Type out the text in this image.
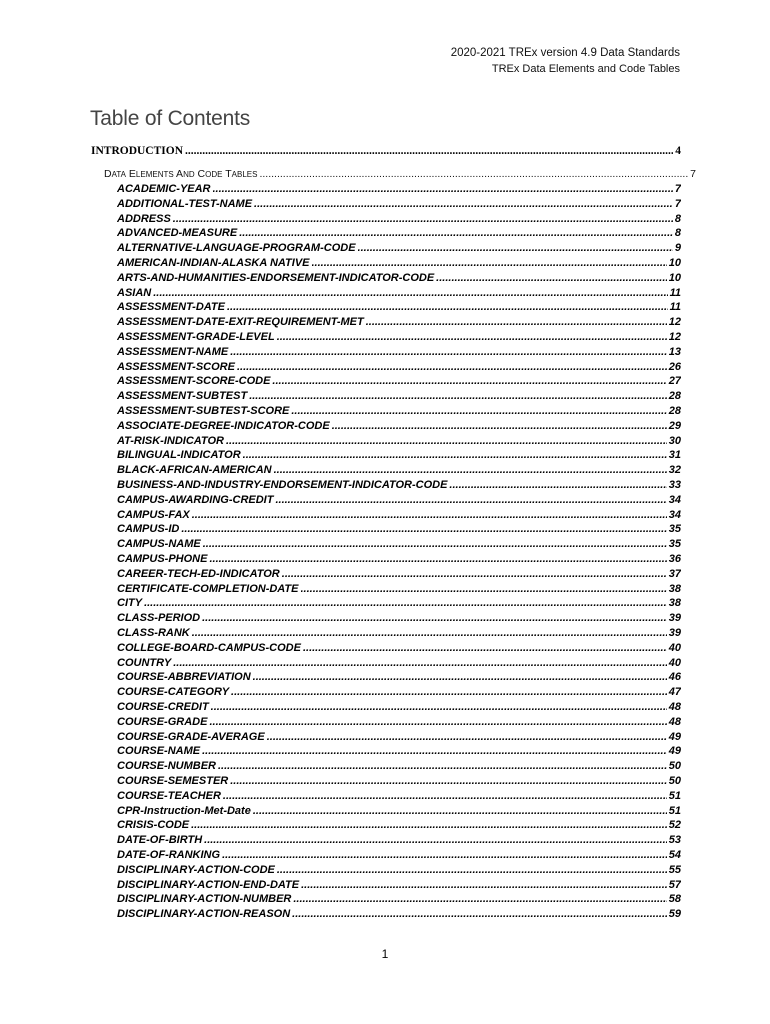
2020-2021 TREx version 4.9 Data Standards
TREx Data Elements and Code Tables
Table of Contents
INTRODUCTION .....	4
DATA ELEMENTS AND CODE TABLES .....	7
ACADEMIC-YEAR .....	7
ADDITIONAL-TEST-NAME .....	7
ADDRESS .....	8
ADVANCED-MEASURE .....	8
ALTERNATIVE-LANGUAGE-PROGRAM-CODE .....	9
AMERICAN-INDIAN-ALASKA NATIVE .....	10
ARTS-AND-HUMANITIES-ENDORSEMENT-INDICATOR-CODE .....	10
ASIAN .....	11
ASSESSMENT-DATE .....	11
ASSESSMENT-DATE-EXIT-REQUIREMENT-MET .....	12
ASSESSMENT-GRADE-LEVEL .....	12
ASSESSMENT-NAME .....	13
ASSESSMENT-SCORE .....	26
ASSESSMENT-SCORE-CODE .....	27
ASSESSMENT-SUBTEST .....	28
ASSESSMENT-SUBTEST-SCORE .....	28
ASSOCIATE-DEGREE-INDICATOR-CODE .....	29
AT-RISK-INDICATOR .....	30
BILINGUAL-INDICATOR .....	31
BLACK-AFRICAN-AMERICAN .....	32
BUSINESS-AND-INDUSTRY-ENDORSEMENT-INDICATOR-CODE .....	33
CAMPUS-AWARDING-CREDIT .....	34
CAMPUS-FAX .....	34
CAMPUS-ID .....	35
CAMPUS-NAME .....	35
CAMPUS-PHONE .....	36
CAREER-TECH-ED-INDICATOR .....	37
CERTIFICATE-COMPLETION-DATE .....	38
CITY .....	38
CLASS-PERIOD .....	39
CLASS-RANK .....	39
COLLEGE-BOARD-CAMPUS-CODE .....	40
COUNTRY .....	40
COURSE-ABBREVIATION .....	46
COURSE-CATEGORY .....	47
COURSE-CREDIT .....	48
COURSE-GRADE .....	48
COURSE-GRADE-AVERAGE .....	49
COURSE-NAME .....	49
COURSE-NUMBER .....	50
COURSE-SEMESTER .....	50
COURSE-TEACHER .....	51
CPR-Instruction-Met-Date .....	51
CRISIS-CODE .....	52
DATE-OF-BIRTH .....	53
DATE-OF-RANKING .....	54
DISCIPLINARY-ACTION-CODE .....	55
DISCIPLINARY-ACTION-END-DATE .....	57
DISCIPLINARY-ACTION-NUMBER .....	58
DISCIPLINARY-ACTION-REASON .....	59
1
